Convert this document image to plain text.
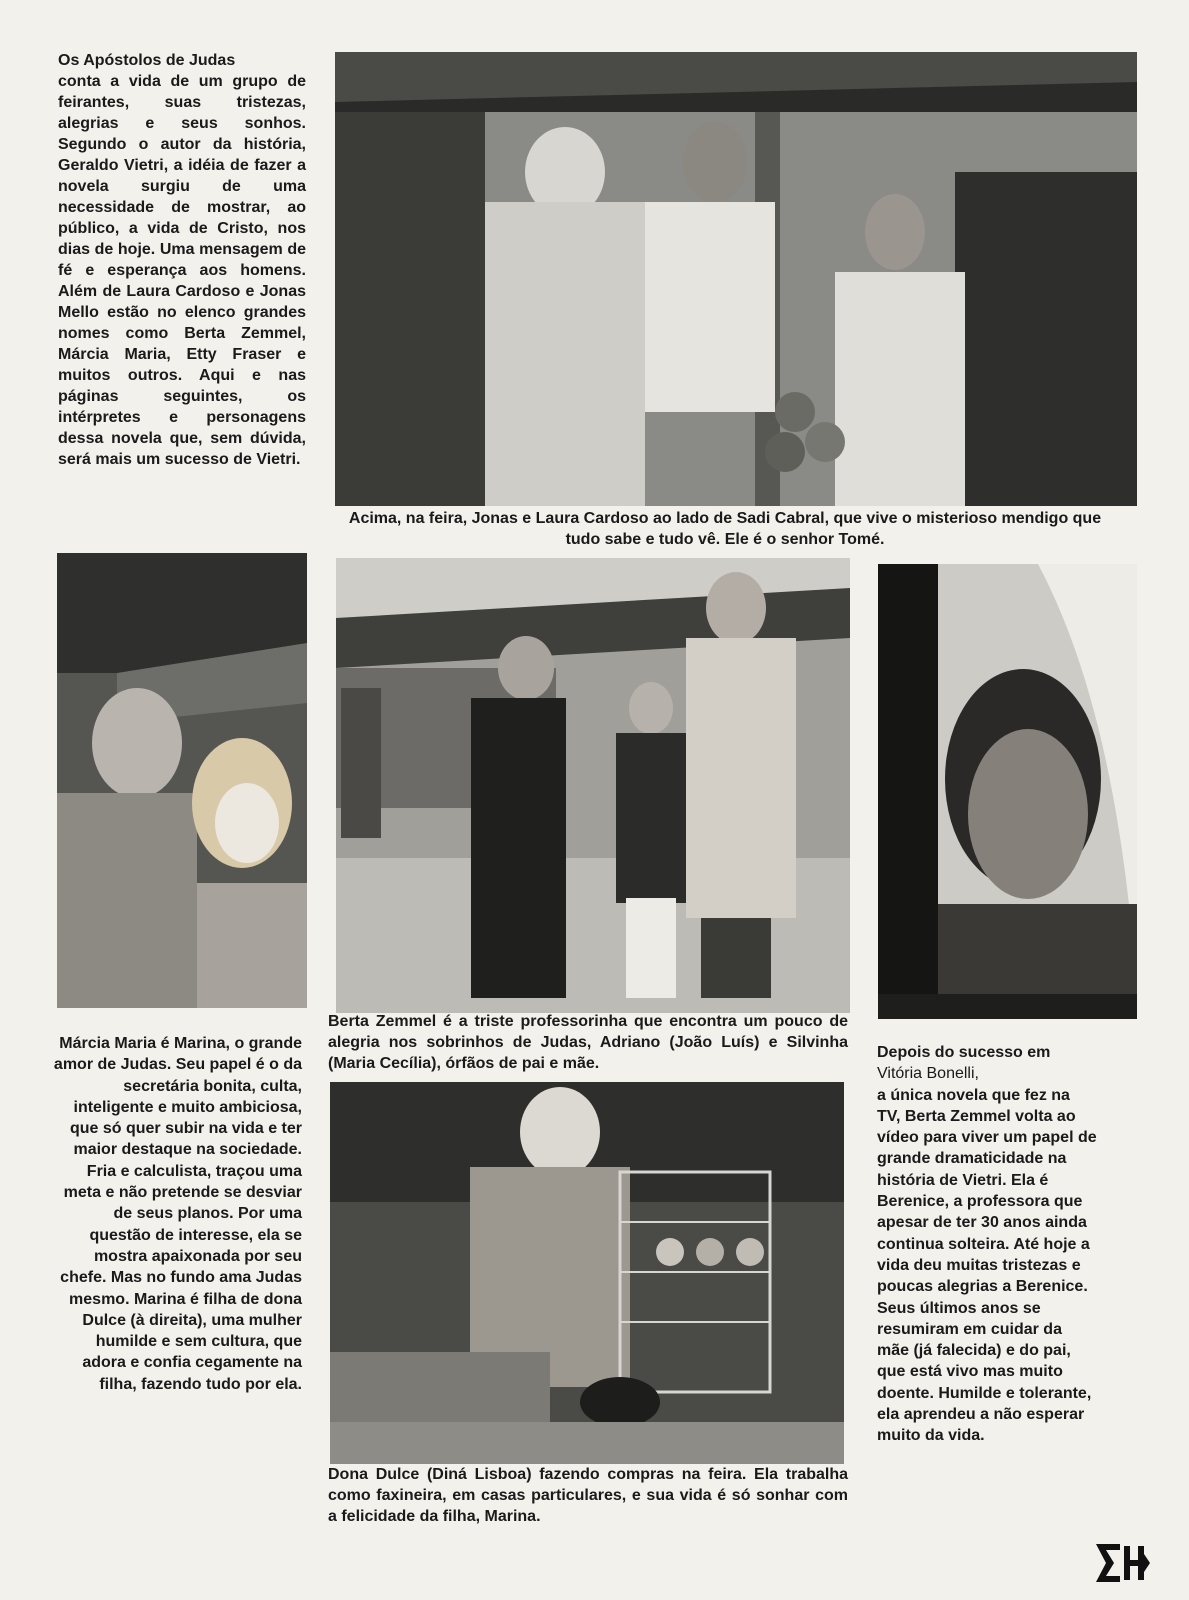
Os Apóstolos de Judas
conta a vida de um grupo de feirantes, suas tristezas, alegrias e seus sonhos. Segundo o autor da história, Geraldo Vietri, a idéia de fazer a novela surgiu de uma necessidade de mostrar, ao público, a vida de Cristo, nos dias de hoje. Uma mensagem de fé e esperança aos homens. Além de Laura Cardoso e Jonas Mello estão no elenco grandes nomes como Berta Zemmel, Márcia Maria, Etty Fraser e muitos outros. Aqui e nas páginas seguintes, os intérpretes e personagens dessa novela que, sem dúvida, será mais um sucesso de Vietri.
Acima, na feira, Jonas e Laura Cardoso ao lado de Sadi Cabral, que vive o misterioso mendigo que tudo sabe e tudo vê. Ele é o senhor Tomé.
Berta Zemmel é a triste professorinha que encontra um pouco de alegria nos sobrinhos de Judas, Adriano (João Luís) e Silvinha (Maria Cecília), órfãos de pai e mãe.
Dona Dulce (Diná Lisboa) fazendo compras na feira. Ela trabalha como faxineira, em casas particulares, e sua vida é só sonhar com a felicidade da filha, Marina.
Márcia Maria é Marina, o grande amor de Judas. Seu papel é o da secretária bonita, culta, inteligente e muito ambiciosa, que só quer subir na vida e ter maior destaque na sociedade. Fria e calculista, traçou uma meta e não pretende se desviar de seus planos. Por uma questão de interesse, ela se mostra apaixonada por seu chefe. Mas no fundo ama Judas mesmo. Marina é filha de dona Dulce (à direita), uma mulher humilde e sem cultura, que adora e confia cegamente na filha, fazendo tudo por ela.
Depois do sucesso em
Vitória Bonelli,
a única novela que fez na TV, Berta Zemmel volta ao vídeo para viver um papel de grande dramaticidade na história de Vietri. Ela é Berenice, a professora que apesar de ter 30 anos ainda continua solteira. Até hoje a vida deu muitas tristezas e poucas alegrias a Berenice. Seus últimos anos se resumiram em cuidar da mãe (já falecida) e do pai, que está vivo mas muito doente. Humilde e tolerante, ela aprendeu a não esperar muito da vida.
